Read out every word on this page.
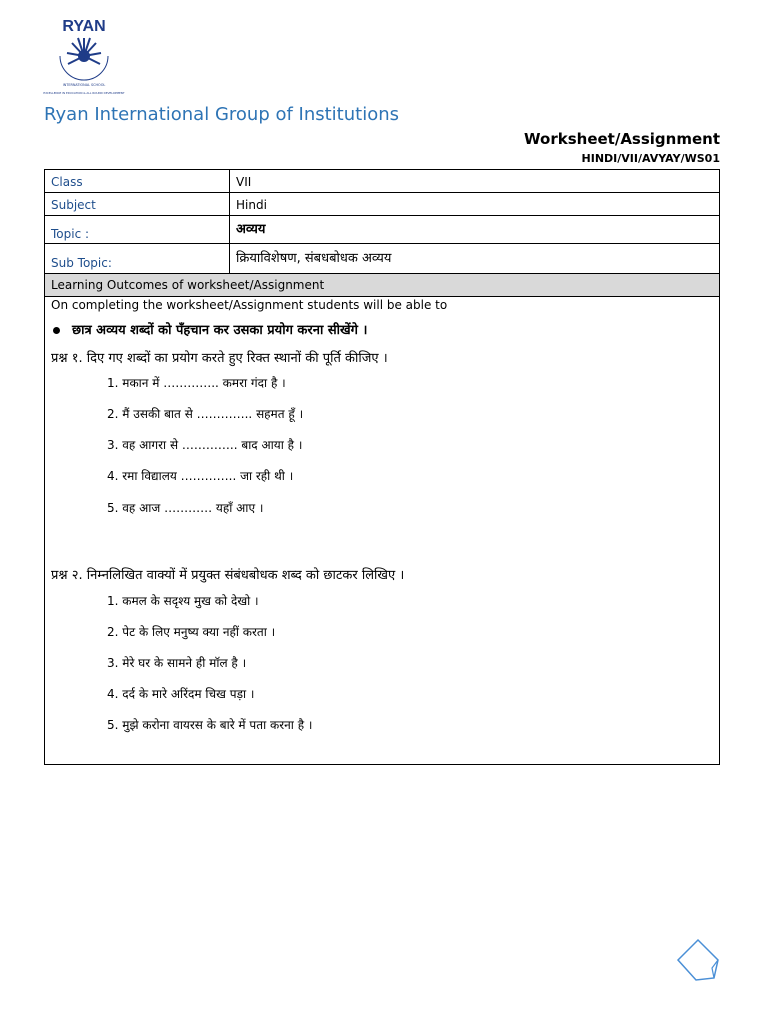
RYAN
INTERNATIONAL SCHOOL
EXCELLENCE IN EDUCATION & ALL ROUND DEVELOPMENT
Ryan International Group of Institutions
Worksheet/Assignment
HINDI/VII/AVYAY/WS01
Class	VII
Subject	Hindi
Topic :	अव्यय
Sub Topic:	क्रियाविशेषण, संबधबोधक अव्यय
Learning Outcomes of worksheet/Assignment
On completing the worksheet/Assignment students will be able to
छात्र अव्यय शब्दों को पँहचान कर उसका प्रयोग करना सीखेंगे ।
प्रश्न १. दिए गए शब्दों का प्रयोग करते हुए रिक्त स्थानों की पूर्ति कीजिए ।
1. मकान में ………….. कमरा गंदा है ।
2. मैं उसकी बात से ………….. सहमत हूँ ।
3. वह आगरा से ………….. बाद आया है ।
4. रमा विद्यालय ………….. जा रही थी ।
5. वह आज ………… यहाँ आए ।
प्रश्न २. निम्नलिखित वाक्यों में प्रयुक्त संबंधबोधक शब्द को छाटकर लिखिए ।
1. कमल के सदृश्य मुख को देखो ।
2. पेट के लिए मनुष्य क्या नहीं करता ।
3. मेरे घर के सामने ही मॉल है ।
4. दर्द के मारे अरिंदम चिख पड़ा ।
5. मुझे करोना वायरस के बारे में पता करना है ।
